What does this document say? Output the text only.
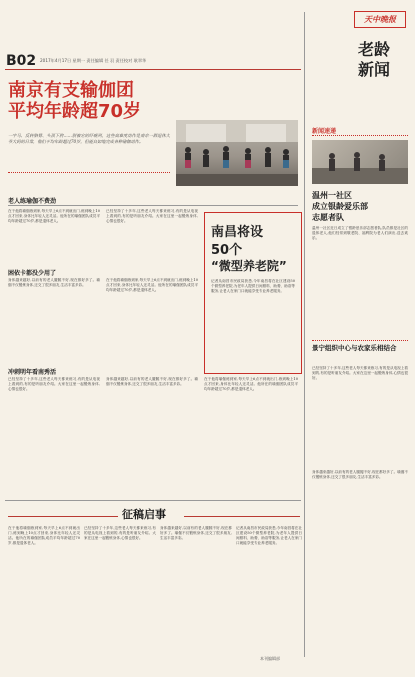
B02 2017年4月17日 星期一 责任编辑 任 羽 责任校对 耿翠华
天中晚报
老龄
新闻
南京有支输伽团
平均年龄超70岁
一字马、反转胳臂、头顶下胯……别被它的吓唬到，这些高难度动作是南京一群退休大爷大妈的日常，他们平均年龄超过70岁，但能自如地完成各种瑜伽动作。
老人练瑜伽不费劲
在于他将瑜伽练到家,每天早上6点不到就出门,练到晚上10点才回来,身体比年轻人还灵活。他所在的瑜伽团队成员平均年龄超过70岁,都是退休老人。
已经坚持了十多年,这些老人每天都来练习,有的是从电视上看到的,有的是听朋友介绍。大家在这里一起锻炼身体,心情也很好。
困依卡都没少用了
身体越来越好,以前有的老人腰腿不好,现在都好多了。瑜伽不仅锻炼身体,还交了很多朋友,生活丰富多彩。
在于他将瑜伽练到家,每天早上6点不到就出门,练到晚上10点才回来,身体比年轻人还灵活。他所在的瑜伽团队成员平均年龄超过70岁,都是退休老人。
冲刺明年看南秀活
已经坚持了十多年,这些老人每天都来练习,有的是从电视上看到的,有的是听朋友介绍。大家在这里一起锻炼身体,心情也很好。
身体越来越好,以前有的老人腰腿不好,现在都好多了。瑜伽不仅锻炼身体,还交了很多朋友,生活丰富多彩。
在于他将瑜伽练到家,每天早上6点不到就出门,练到晚上10点才回来,身体比年轻人还灵活。他所在的瑜伽团队成员平均年龄超过70岁,都是退休老人。
南昌将设
50个
“微型养老院”
记者从南昌市民政局获悉,今年南昌将在社区建设50个微型养老院,为老年人提供日间照料、助餐、助浴等服务,让老人在家门口就能享受专业养老服务。
新闻速递
温州一社区
成立银龄爱乐部
志愿者队
温州一社区近日成立了银龄爱乐部志愿者队,队员都是社区的退休老人,他们经常到敬老院、福利院为老人们演出,送去欢乐。
景宁组织中心与农家乐相结合
已经坚持了十多年,这些老人每天都来练习,有的是从电视上看到的,有的是听朋友介绍。大家在这里一起锻炼身体,心情也很好。
身体越来越好,以前有的老人腰腿不好,现在都好多了。瑜伽不仅锻炼身体,还交了很多朋友,生活丰富多彩。
征稿启事
在于他将瑜伽练到家,每天早上6点不到就出门,练到晚上10点才回来,身体比年轻人还灵活。他所在的瑜伽团队成员平均年龄超过70岁,都是退休老人。
已经坚持了十多年,这些老人每天都来练习,有的是从电视上看到的,有的是听朋友介绍。大家在这里一起锻炼身体,心情也很好。
身体越来越好,以前有的老人腰腿不好,现在都好多了。瑜伽不仅锻炼身体,还交了很多朋友,生活丰富多彩。
记者从南昌市民政局获悉,今年南昌将在社区建设50个微型养老院,为老年人提供日间照料、助餐、助浴等服务,让老人在家门口就能享受专业养老服务。
本刊编辑部
